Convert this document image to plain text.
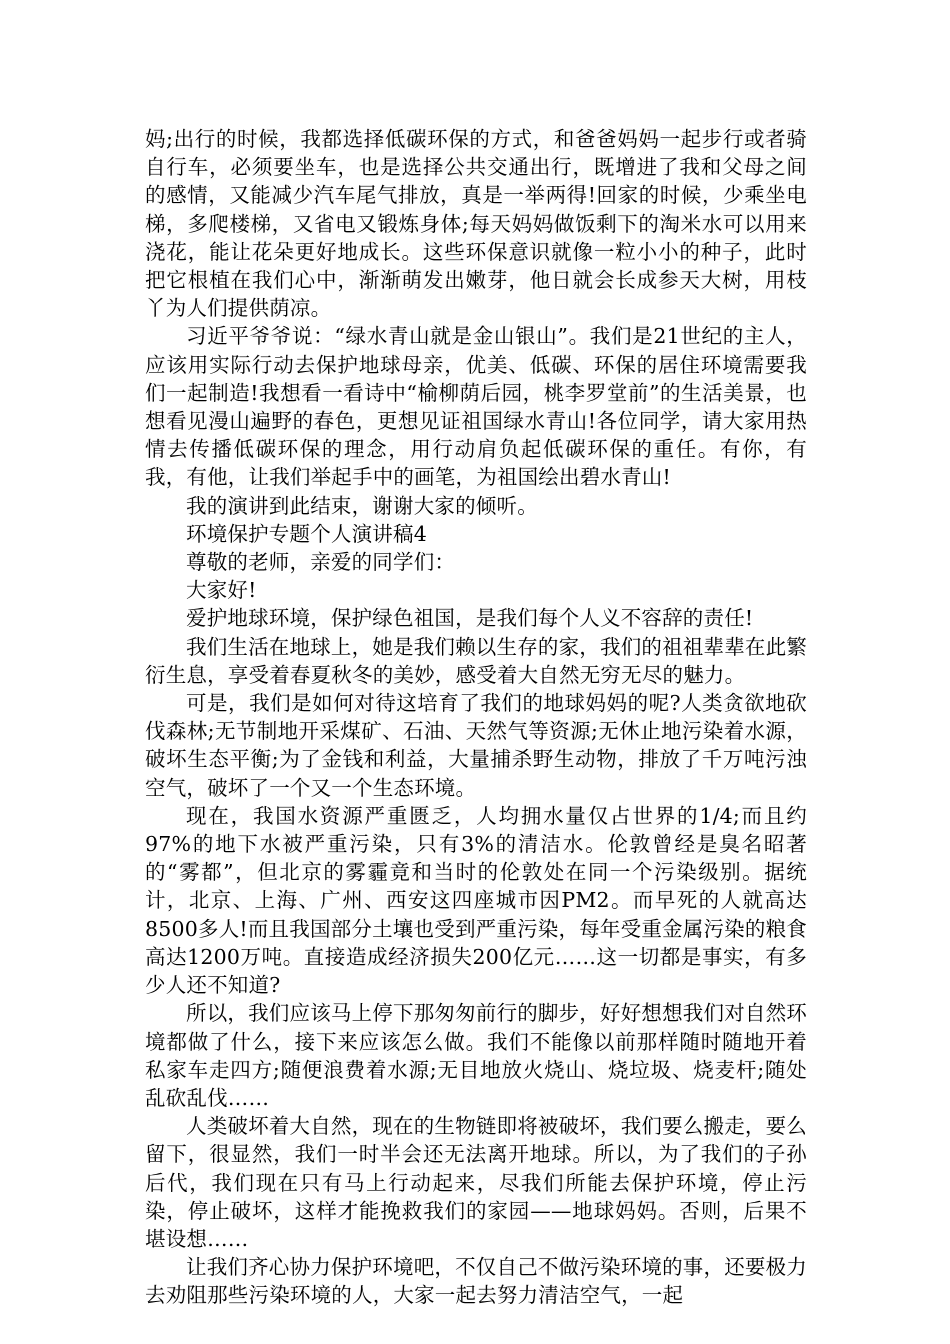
妈;出行的时候，我都选择低碳环保的方式，和爸爸妈妈一起步行或者骑自行车，必须要坐车，也是选择公共交通出行，既增进了我和父母之间的感情，又能减少汽车尾气排放，真是一举两得!回家的时候，少乘坐电梯，多爬楼梯，又省电又锻炼身体;每天妈妈做饭剩下的淘米水可以用来浇花，能让花朵更好地成长。这些环保意识就像一粒小小的种子，此时把它根植在我们心中，渐渐萌发出嫩芽，他日就会长成参天大树，用枝丫为人们提供荫凉。

习近平爷爷说：“绿水青山就是金山银山”。我们是21世纪的主人，应该用实际行动去保护地球母亲，优美、低碳、环保的居住环境需要我们一起制造!我想看一看诗中“榆柳荫后园，桃李罗堂前”的生活美景，也想看见漫山遍野的春色，更想见证祖国绿水青山!各位同学，请大家用热情去传播低碳环保的理念，用行动肩负起低碳环保的重任。有你，有我，有他，让我们举起手中的画笔，为祖国绘出碧水青山!

我的演讲到此结束，谢谢大家的倾听。

环境保护专题个人演讲稿4

尊敬的老师，亲爱的同学们：

大家好!

爱护地球环境，保护绿色祖国，是我们每个人义不容辞的责任!

我们生活在地球上，她是我们赖以生存的家，我们的祖祖辈辈在此繁衍生息，享受着春夏秋冬的美妙，感受着大自然无穷无尽的魅力。

可是，我们是如何对待这培育了我们的地球妈妈的呢?人类贪欲地砍伐森林;无节制地开采煤矿、石油、天然气等资源;无休止地污染着水源，破坏生态平衡;为了金钱和利益，大量捕杀野生动物，排放了千万吨污浊空气，破坏了一个又一个生态环境。

现在，我国水资源严重匮乏，人均拥水量仅占世界的1/4;而且约97%的地下水被严重污染，只有3%的清洁水。伦敦曾经是臭名昭著的“雾都”，但北京的雾霾竟和当时的伦敦处在同一个污染级别。据统计，北京、上海、广州、西安这四座城市因PM2。而早死的人就高达8500多人!而且我国部分土壤也受到严重污染，每年受重金属污染的粮食高达1200万吨。直接造成经济损失200亿元……这一切都是事实，有多少人还不知道?

所以，我们应该马上停下那匆匆前行的脚步，好好想想我们对自然环境都做了什么，接下来应该怎么做。我们不能像以前那样随时随地开着私家车走四方;随便浪费着水源;无目地放火烧山、烧垃圾、烧麦杆;随处乱砍乱伐……

人类破坏着大自然，现在的生物链即将被破坏，我们要么搬走，要么留下，很显然，我们一时半会还无法离开地球。所以，为了我们的子孙后代，我们现在只有马上行动起来，尽我们所能去保护环境，停止污染，停止破坏，这样才能挽救我们的家园——地球妈妈。否则，后果不堪设想……

让我们齐心协力保护环境吧，不仅自己不做污染环境的事，还要极力去劝阻那些污染环境的人，大家一起去努力清洁空气，一起
